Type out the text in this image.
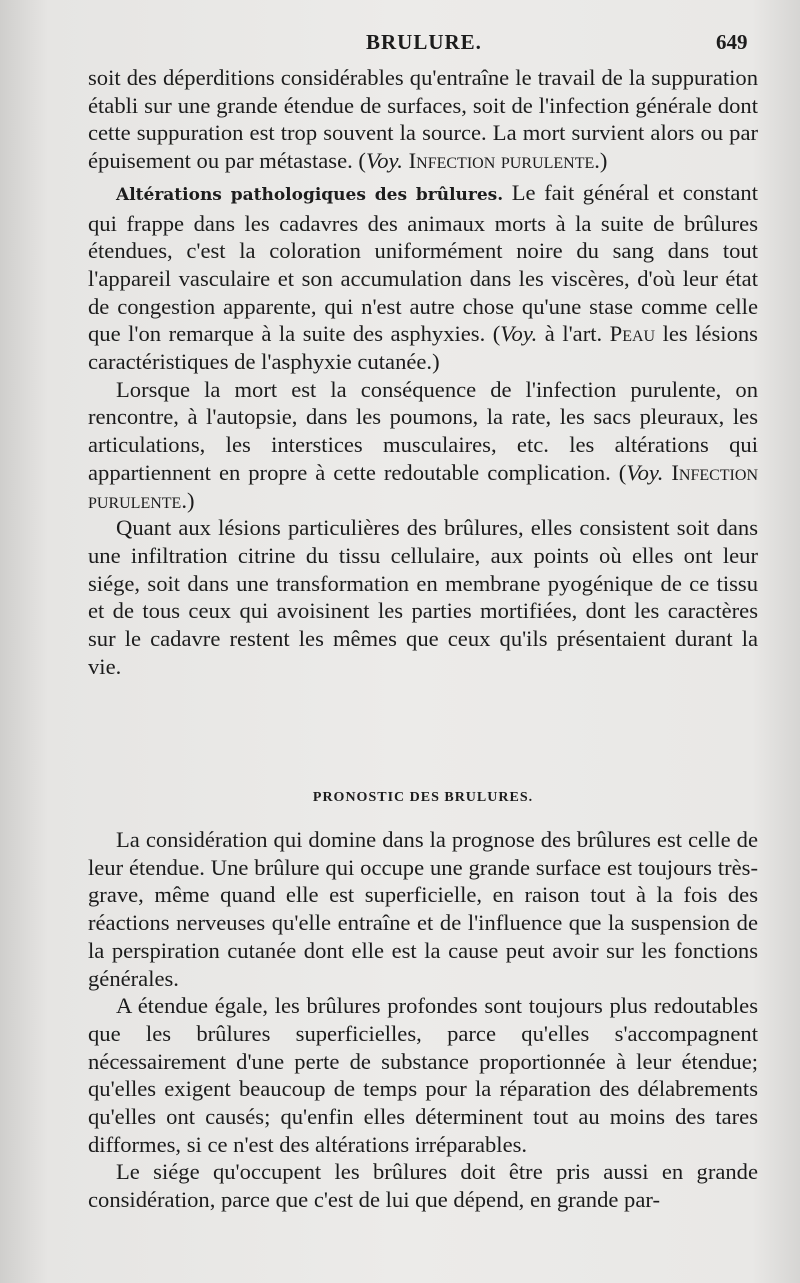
BRULURE.	649

soit des déperditions considérables qu'entraîne le travail de la suppuration établi sur une grande étendue de surfaces, soit de l'infection générale dont cette suppuration est trop souvent la source. La mort survient alors ou par épuisement ou par métastase. (Voy. Infection purulente.)

Altérations pathologiques des brûlures. Le fait général et constant qui frappe dans les cadavres des animaux morts à la suite de brûlures étendues, c'est la coloration uniformément noire du sang dans tout l'appareil vasculaire et son accumulation dans les viscères, d'où leur état de congestion apparente, qui n'est autre chose qu'une stase comme celle que l'on remarque à la suite des asphyxies. (Voy. à l'art. Peau les lésions caractéristiques de l'asphyxie cutanée.)

Lorsque la mort est la conséquence de l'infection purulente, on rencontre, à l'autopsie, dans les poumons, la rate, les sacs pleuraux, les articulations, les interstices musculaires, etc. les altérations qui appartiennent en propre à cette redoutable complication. (Voy. Infection purulente.)

Quant aux lésions particulières des brûlures, elles consistent soit dans une infiltration citrine du tissu cellulaire, aux points où elles ont leur siége, soit dans une transformation en membrane pyogénique de ce tissu et de tous ceux qui avoisinent les parties mortifiées, dont les caractères sur le cadavre restent les mêmes que ceux qu'ils présentaient durant la vie.

PRONOSTIC DES BRULURES.

La considération qui domine dans la prognose des brûlures est celle de leur étendue. Une brûlure qui occupe une grande surface est toujours très-grave, même quand elle est superficielle, en raison tout à la fois des réactions nerveuses qu'elle entraîne et de l'influence que la suspension de la perspiration cutanée dont elle est la cause peut avoir sur les fonctions générales.

A étendue égale, les brûlures profondes sont toujours plus redoutables que les brûlures superficielles, parce qu'elles s'accompagnent nécessairement d'une perte de substance proportionnée à leur étendue; qu'elles exigent beaucoup de temps pour la réparation des délabrements qu'elles ont causés; qu'enfin elles déterminent tout au moins des tares difformes, si ce n'est des altérations irréparables.

Le siége qu'occupent les brûlures doit être pris aussi en grande considération, parce que c'est de lui que dépend, en grande par-
